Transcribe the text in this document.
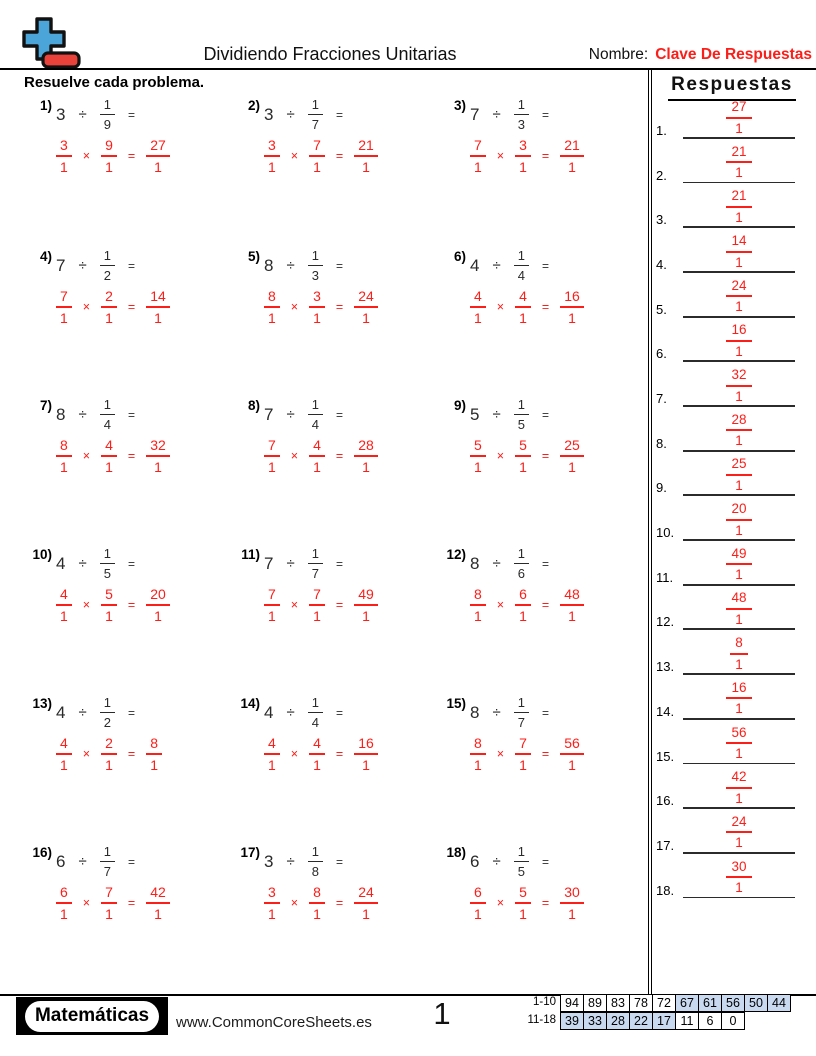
Dividiendo Fracciones Unitarias	Nombre: Clave De Respuestas
Resuelve cada problema.	Respuestas
1. $\frac{27}{1}$
2. $\frac{21}{1}$
3. $\frac{21}{1}$
4. $\frac{14}{1}$
5. $\frac{24}{1}$
6. $\frac{16}{1}$
7. $\frac{32}{1}$
8. $\frac{28}{1}$
9. $\frac{25}{1}$
10. $\frac{20}{1}$
11. $\frac{49}{1}$
12. $\frac{48}{1}$
13. $\frac{8}{1}$
14. $\frac{16}{1}$
15. $\frac{56}{1}$
16. $\frac{42}{1}$
17. $\frac{24}{1}$
18. $\frac{30}{1}$
1) $3 \div \frac{1}{9}$ =
$\frac{3}{1} \times \frac{9}{1} = \frac{27}{1}$
2) $3 \div \frac{1}{7}$ =
$\frac{3}{1} \times \frac{7}{1} = \frac{21}{1}$
3) $7 \div \frac{1}{3}$ =
$\frac{7}{1} \times \frac{3}{1} = \frac{21}{1}$
4) $7 \div \frac{1}{2}$ =
$\frac{7}{1} \times \frac{2}{1} = \frac{14}{1}$
5) $8 \div \frac{1}{3}$ =
$\frac{8}{1} \times \frac{3}{1} = \frac{24}{1}$
6) $4 \div \frac{1}{4}$ =
$\frac{4}{1} \times \frac{4}{1} = \frac{16}{1}$
7) $8 \div \frac{1}{4}$ =
$\frac{8}{1} \times \frac{4}{1} = \frac{32}{1}$
8) $7 \div \frac{1}{4}$ =
$\frac{7}{1} \times \frac{4}{1} = \frac{28}{1}$
9) $5 \div \frac{1}{5}$ =
$\frac{5}{1} \times \frac{5}{1} = \frac{25}{1}$
10) $4 \div \frac{1}{5}$ =
$\frac{4}{1} \times \frac{5}{1} = \frac{20}{1}$
11) $7 \div \frac{1}{7}$ =
$\frac{7}{1} \times \frac{7}{1} = \frac{49}{1}$
12) $8 \div \frac{1}{6}$ =
$\frac{8}{1} \times \frac{6}{1} = \frac{48}{1}$
13) $4 \div \frac{1}{2}$ =
$\frac{4}{1} \times \frac{2}{1} = \frac{8}{1}$
14) $4 \div \frac{1}{4}$ =
$\frac{4}{1} \times \frac{4}{1} = \frac{16}{1}$
15) $8 \div \frac{1}{7}$ =
$\frac{8}{1} \times \frac{7}{1} = \frac{56}{1}$
16) $6 \div \frac{1}{7}$ =
$\frac{6}{1} \times \frac{7}{1} = \frac{42}{1}$
17) $3 \div \frac{1}{8}$ =
$\frac{3}{1} \times \frac{8}{1} = \frac{24}{1}$
18) $6 \div \frac{1}{5}$ =
$\frac{6}{1} \times \frac{5}{1} = \frac{30}{1}$
Matemáticas	www.CommonCoreSheets.es	1	1-10 94 89 83 78 72 67 61 56 50 44
11-18 39 33 28 22 17 11	6	0
